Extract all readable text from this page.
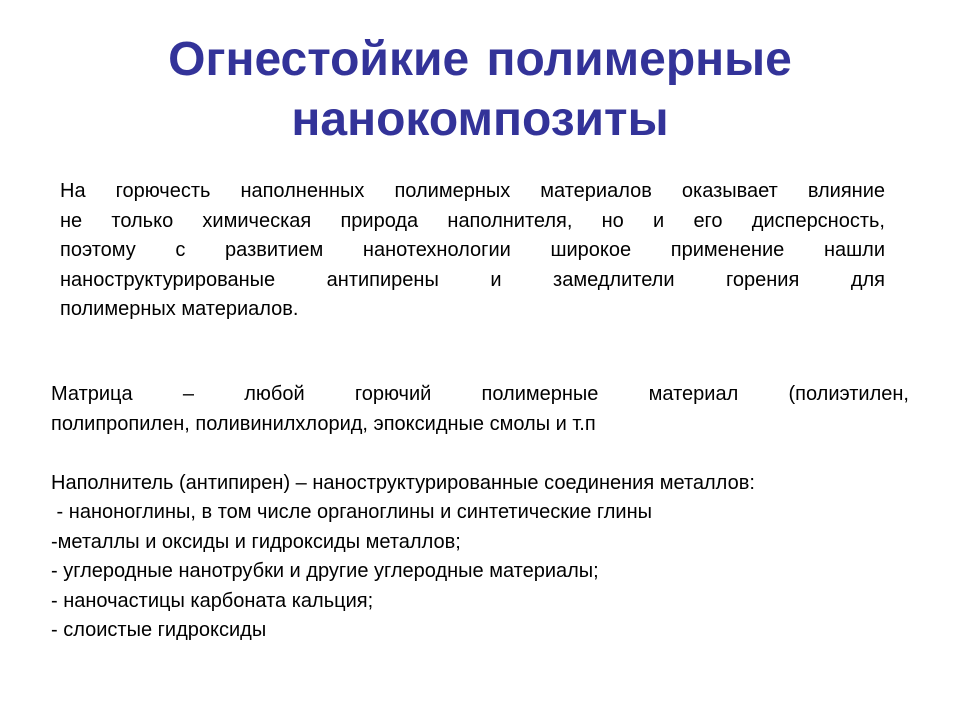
Огнестойкие полимерные
нанокомпозиты

На горючесть наполненных полимерных материалов оказывает влияние
не только химическая природа наполнителя, но и его дисперсность,
поэтому с развитием нанотехнологии широкое применение нашли
наноструктурированые антипирены и замедлители горения для
полимерных материалов.

Матрица – любой горючий полимерные материал (полиэтилен,
полипропилен, поливинилхлорид, эпоксидные смолы и т.п
Наполнитель (антипирен) – наноструктурированные соединения металлов:
- наноноглины, в том числе органоглины и синтетические глины
-металлы и оксиды и гидроксиды металлов;
- углеродные нанотрубки и другие углеродные материалы;
- наночастицы карбоната кальция;
- слоистые гидроксиды
